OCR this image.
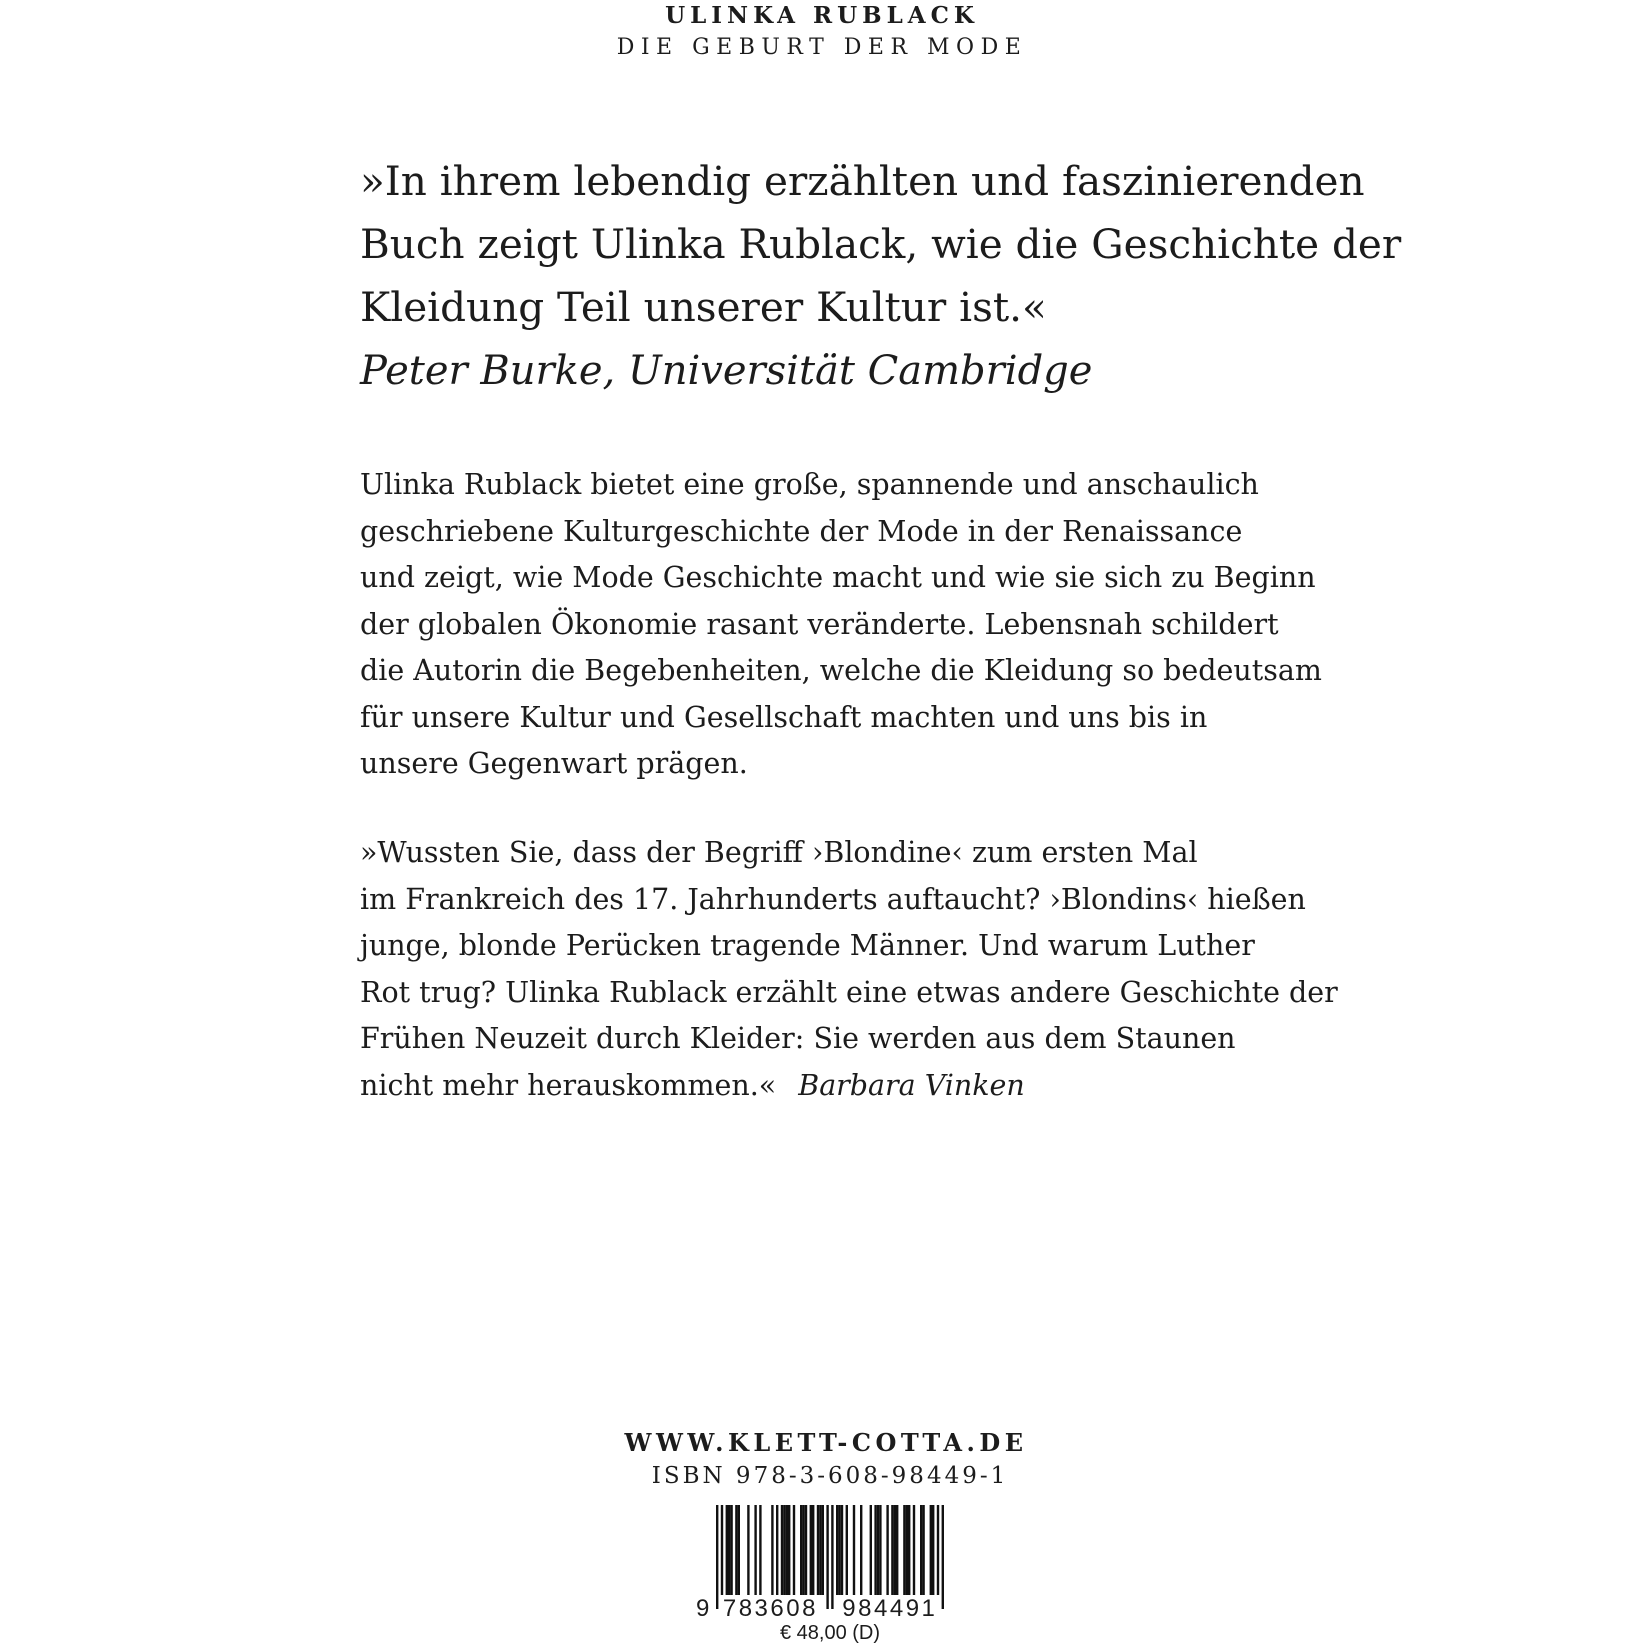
ULINKA RUBLACK
DIE GEBURT DER MODE
»In ihrem lebendig erzählten und faszinierenden
Buch zeigt Ulinka Rublack, wie die Geschichte der
Kleidung Teil unserer Kultur ist.«
Peter Burke, Universität Cambridge
Ulinka Rublack bietet eine große, spannende und anschaulich
geschriebene Kulturgeschichte der Mode in der Renaissance
und zeigt, wie Mode Geschichte macht und wie sie sich zu Beginn
der globalen Ökonomie rasant veränderte. Lebensnah schildert
die Autorin die Begebenheiten, welche die Kleidung so bedeutsam
für unsere Kultur und Gesellschaft machten und uns bis in
unsere Gegenwart prägen.
»Wussten Sie, dass der Begriff ›Blondine‹ zum ersten Mal
im Frankreich des 17. Jahrhunderts auftaucht? ›Blondins‹ hießen
junge, blonde Perücken tragende Männer. Und warum Luther
Rot trug? Ulinka Rublack erzählt eine etwas andere Geschichte der
Frühen Neuzeit durch Kleider: Sie werden aus dem Staunen
nicht mehr herauskommen.« Barbara Vinken
WWW.KLETT-COTTA.DE
ISBN 978-3-608-98449-1
9 783608 984491
€ 48,00 (D)
